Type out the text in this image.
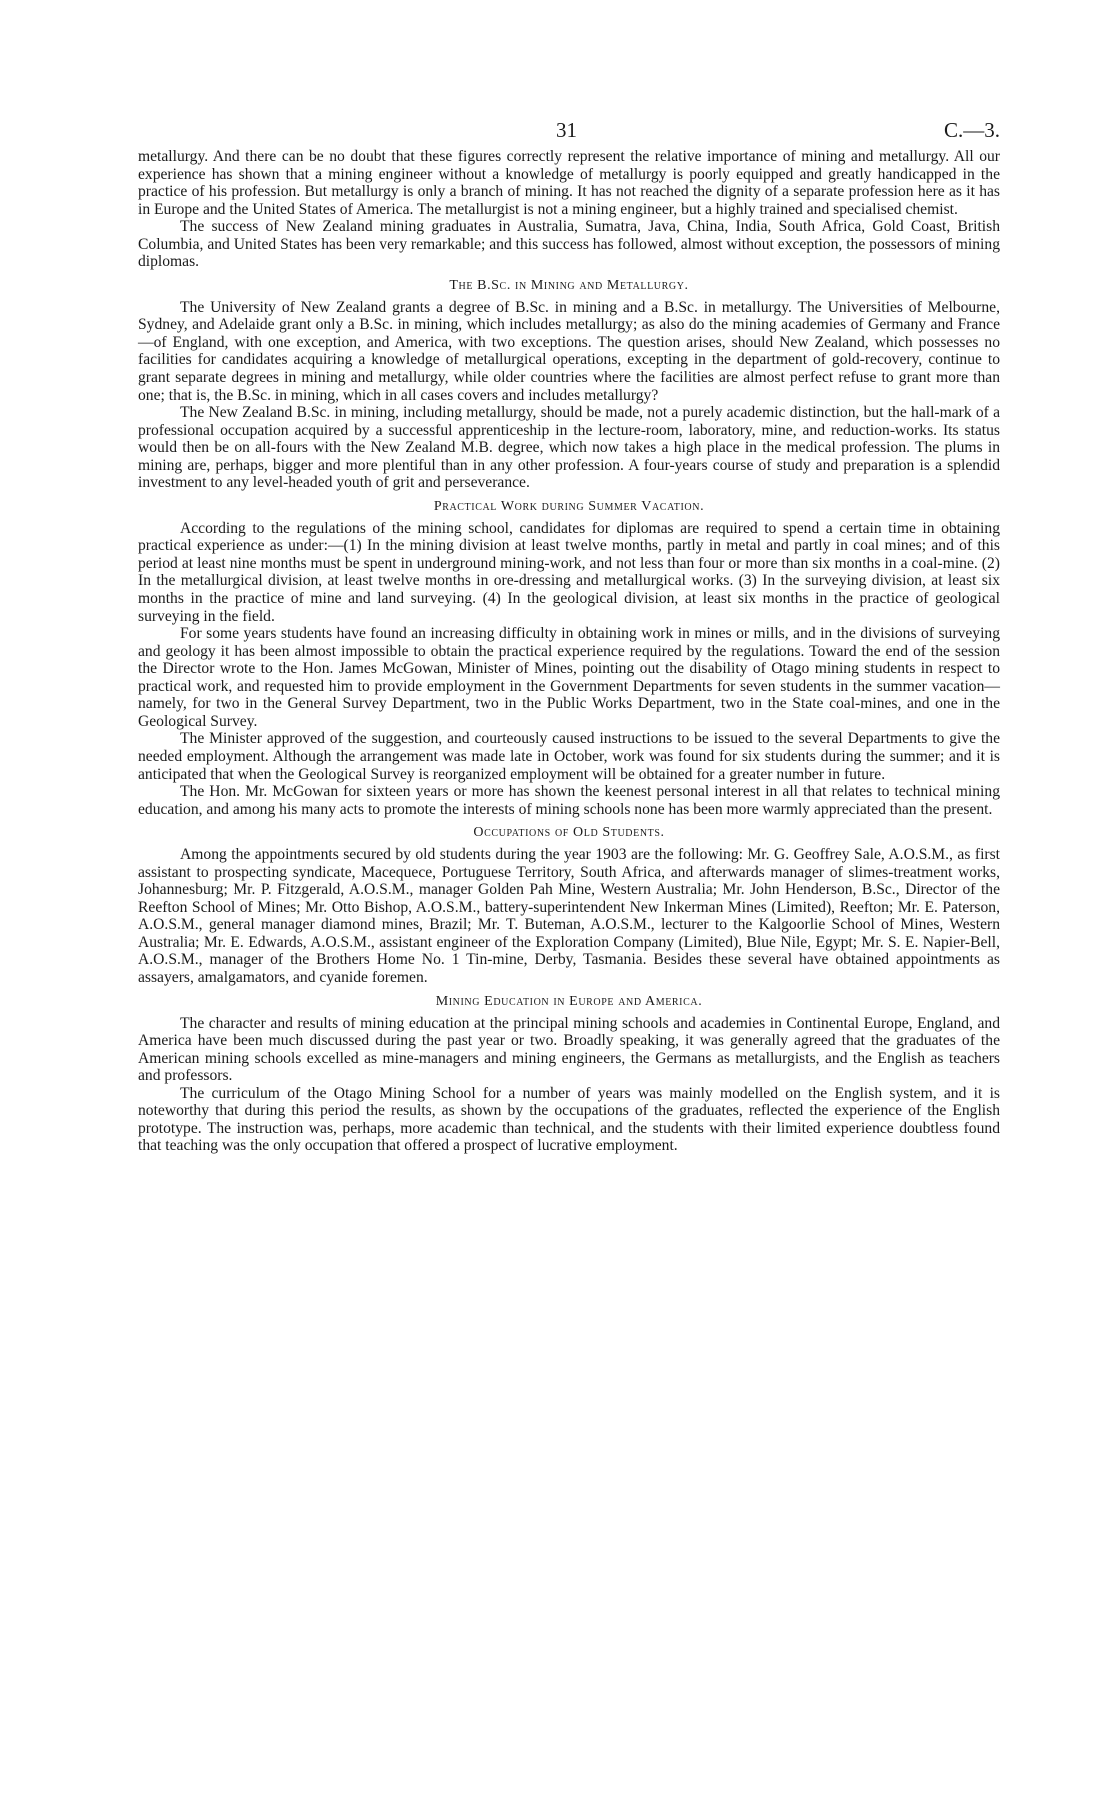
31	C.—3.

metallurgy. And there can be no doubt that these figures correctly represent the relative importance of mining and metallurgy. All our experience has shown that a mining engineer without a knowledge of metallurgy is poorly equipped and greatly handicapped in the practice of his profession. But metallurgy is only a branch of mining. It has not reached the dignity of a separate profession here as it has in Europe and the United States of America. The metallurgist is not a mining engineer, but a highly trained and specialised chemist.

The success of New Zealand mining graduates in Australia, Sumatra, Java, China, India, South Africa, Gold Coast, British Columbia, and United States has been very remarkable; and this success has followed, almost without exception, the possessors of mining diplomas.

The B.Sc. in Mining and Metallurgy.

The University of New Zealand grants a degree of B.Sc. in mining and a B.Sc. in metallurgy. The Universities of Melbourne, Sydney, and Adelaide grant only a B.Sc. in mining, which includes metallurgy; as also do the mining academies of Germany and France—of England, with one exception, and America, with two exceptions. The question arises, should New Zealand, which possesses no facilities for candidates acquiring a knowledge of metallurgical operations, excepting in the department of gold-recovery, continue to grant separate degrees in mining and metallurgy, while older countries where the facilities are almost perfect refuse to grant more than one; that is, the B.Sc. in mining, which in all cases covers and includes metallurgy?

The New Zealand B.Sc. in mining, including metallurgy, should be made, not a purely academic distinction, but the hall-mark of a professional occupation acquired by a successful apprenticeship in the lecture-room, laboratory, mine, and reduction-works. Its status would then be on all-fours with the New Zealand M.B. degree, which now takes a high place in the medical profession. The plums in mining are, perhaps, bigger and more plentiful than in any other profession. A four-years course of study and preparation is a splendid investment to any level-headed youth of grit and perseverance.

Practical Work during Summer Vacation.

According to the regulations of the mining school, candidates for diplomas are required to spend a certain time in obtaining practical experience as under:—(1) In the mining division at least twelve months, partly in metal and partly in coal mines; and of this period at least nine months must be spent in underground mining-work, and not less than four or more than six months in a coal-mine. (2) In the metallurgical division, at least twelve months in ore-dressing and metallurgical works. (3) In the surveying division, at least six months in the practice of mine and land surveying. (4) In the geological division, at least six months in the practice of geological surveying in the field.

For some years students have found an increasing difficulty in obtaining work in mines or mills, and in the divisions of surveying and geology it has been almost impossible to obtain the practical experience required by the regulations. Toward the end of the session the Director wrote to the Hon. James McGowan, Minister of Mines, pointing out the disability of Otago mining students in respect to practical work, and requested him to provide employment in the Government Departments for seven students in the summer vacation—namely, for two in the General Survey Department, two in the Public Works Department, two in the State coal-mines, and one in the Geological Survey.

The Minister approved of the suggestion, and courteously caused instructions to be issued to the several Departments to give the needed employment. Although the arrangement was made late in October, work was found for six students during the summer; and it is anticipated that when the Geological Survey is reorganized employment will be obtained for a greater number in future.

The Hon. Mr. McGowan for sixteen years or more has shown the keenest personal interest in all that relates to technical mining education, and among his many acts to promote the interests of mining schools none has been more warmly appreciated than the present.

Occupations of Old Students.

Among the appointments secured by old students during the year 1903 are the following: Mr. G. Geoffrey Sale, A.O.S.M., as first assistant to prospecting syndicate, Macequece, Portuguese Territory, South Africa, and afterwards manager of slimes-treatment works, Johannesburg; Mr. P. Fitzgerald, A.O.S.M., manager Golden Pah Mine, Western Australia; Mr. John Henderson, B.Sc., Director of the Reefton School of Mines; Mr. Otto Bishop, A.O.S.M., battery-superintendent New Inkerman Mines (Limited), Reefton; Mr. E. Paterson, A.O.S.M., general manager diamond mines, Brazil; Mr. T. Buteman, A.O.S.M., lecturer to the Kalgoorlie School of Mines, Western Australia; Mr. E. Edwards, A.O.S.M., assistant engineer of the Exploration Company (Limited), Blue Nile, Egypt; Mr. S. E. Napier-Bell, A.O.S.M., manager of the Brothers Home No. 1 Tin-mine, Derby, Tasmania. Besides these several have obtained appointments as assayers, amalgamators, and cyanide foremen.

Mining Education in Europe and America.

The character and results of mining education at the principal mining schools and academies in Continental Europe, England, and America have been much discussed during the past year or two. Broadly speaking, it was generally agreed that the graduates of the American mining schools excelled as mine-managers and mining engineers, the Germans as metallurgists, and the English as teachers and professors.

The curriculum of the Otago Mining School for a number of years was mainly modelled on the English system, and it is noteworthy that during this period the results, as shown by the occupations of the graduates, reflected the experience of the English prototype. The instruction was, perhaps, more academic than technical, and the students with their limited experience doubtless found that teaching was the only occupation that offered a prospect of lucrative employment.
